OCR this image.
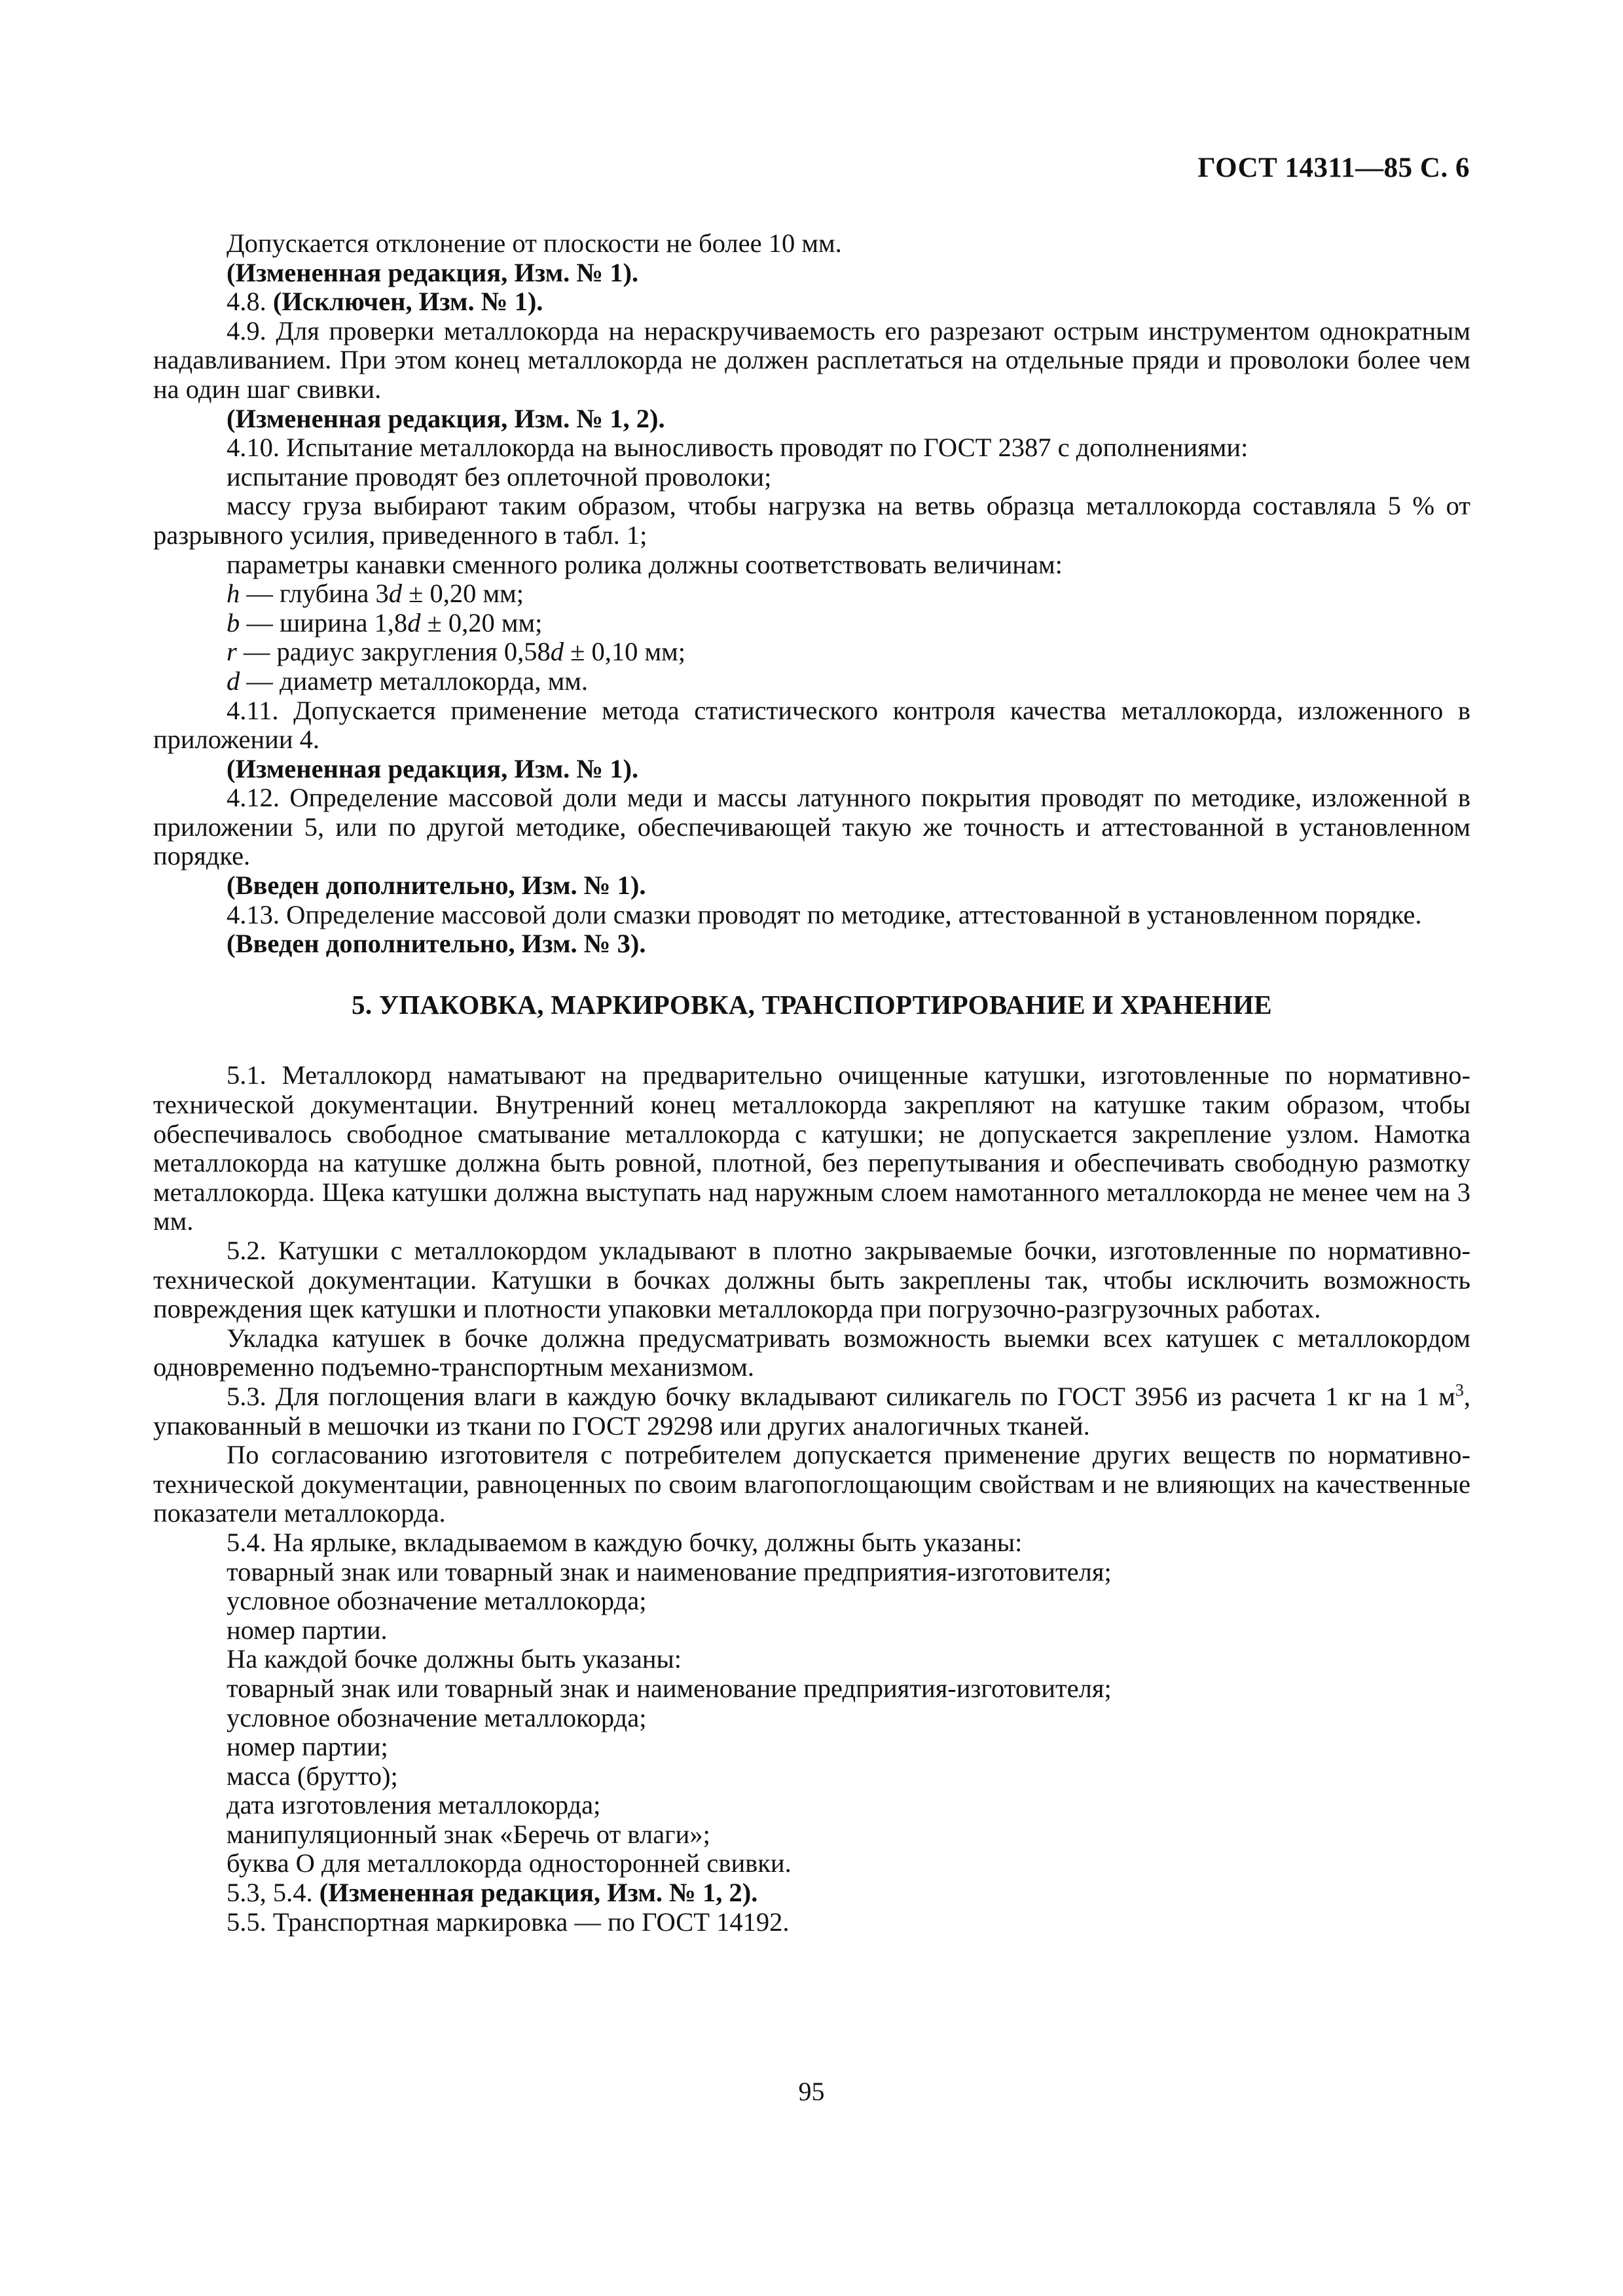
ГОСТ 14311—85 С. 6

Допускается отклонение от плоскости не более 10 мм.

(Измененная редакция, Изм. № 1).

4.8. (Исключен, Изм. № 1).

4.9. Для проверки металлокорда на нераскручиваемость его разрезают острым инструментом однократным надавливанием. При этом конец металлокорда не должен расплетаться на отдельные пряди и проволоки более чем на один шаг свивки.

(Измененная редакция, Изм. № 1, 2).

4.10. Испытание металлокорда на выносливость проводят по ГОСТ 2387 с дополнениями:

испытание проводят без оплеточной проволоки;

массу груза выбирают таким образом, чтобы нагрузка на ветвь образца металлокорда составляла 5 % от разрывного усилия, приведенного в табл. 1;

параметры канавки сменного ролика должны соответствовать величинам:

h — глубина 3d ± 0,20 мм;

b — ширина 1,8d ± 0,20 мм;

r — радиус закругления 0,58d ± 0,10 мм;

d — диаметр металлокорда, мм.

4.11. Допускается применение метода статистического контроля качества металлокорда, изложенного в приложении 4.

(Измененная редакция, Изм. № 1).

4.12. Определение массовой доли меди и массы латунного покрытия проводят по методике, изложенной в приложении 5, или по другой методике, обеспечивающей такую же точность и аттестованной в установленном порядке.

(Введен дополнительно, Изм. № 1).

4.13. Определение массовой доли смазки проводят по методике, аттестованной в установленном порядке.

(Введен дополнительно, Изм. № 3).

5. УПАКОВКА, МАРКИРОВКА, ТРАНСПОРТИРОВАНИЕ И ХРАНЕНИЕ

5.1. Металлокорд наматывают на предварительно очищенные катушки, изготовленные по нормативно-технической документации. Внутренний конец металлокорда закрепляют на катушке таким образом, чтобы обеспечивалось свободное сматывание металлокорда с катушки; не допускается закрепление узлом. Намотка металлокорда на катушке должна быть ровной, плотной, без перепутывания и обеспечивать свободную размотку металлокорда. Щека катушки должна выступать над наружным слоем намотанного металлокорда не менее чем на 3 мм.

5.2. Катушки с металлокордом укладывают в плотно закрываемые бочки, изготовленные по нормативно-технической документации. Катушки в бочках должны быть закреплены так, чтобы исключить возможность повреждения щек катушки и плотности упаковки металлокорда при погрузочно-разгрузочных работах.

Укладка катушек в бочке должна предусматривать возможность выемки всех катушек с металлокордом одновременно подъемно-транспортным механизмом.

5.3. Для поглощения влаги в каждую бочку вкладывают силикагель по ГОСТ 3956 из расчета 1 кг на 1 $м^3$, упакованный в мешочки из ткани по ГОСТ 29298 или других аналогичных тканей.

По согласованию изготовителя с потребителем допускается применение других веществ по нормативно-технической документации, равноценных по своим влагопоглощающим свойствам и не влияющих на качественные показатели металлокорда.

5.4. На ярлыке, вкладываемом в каждую бочку, должны быть указаны:

товарный знак или товарный знак и наименование предприятия-изготовителя;

условное обозначение металлокорда;

номер партии.

На каждой бочке должны быть указаны:

товарный знак или товарный знак и наименование предприятия-изготовителя;

условное обозначение металлокорда;

номер партии;

масса (брутто);

дата изготовления металлокорда;

манипуляционный знак «Беречь от влаги»;

буква О для металлокорда односторонней свивки.

5.3, 5.4. (Измененная редакция, Изм. № 1, 2).

5.5. Транспортная маркировка — по ГОСТ 14192.

95
